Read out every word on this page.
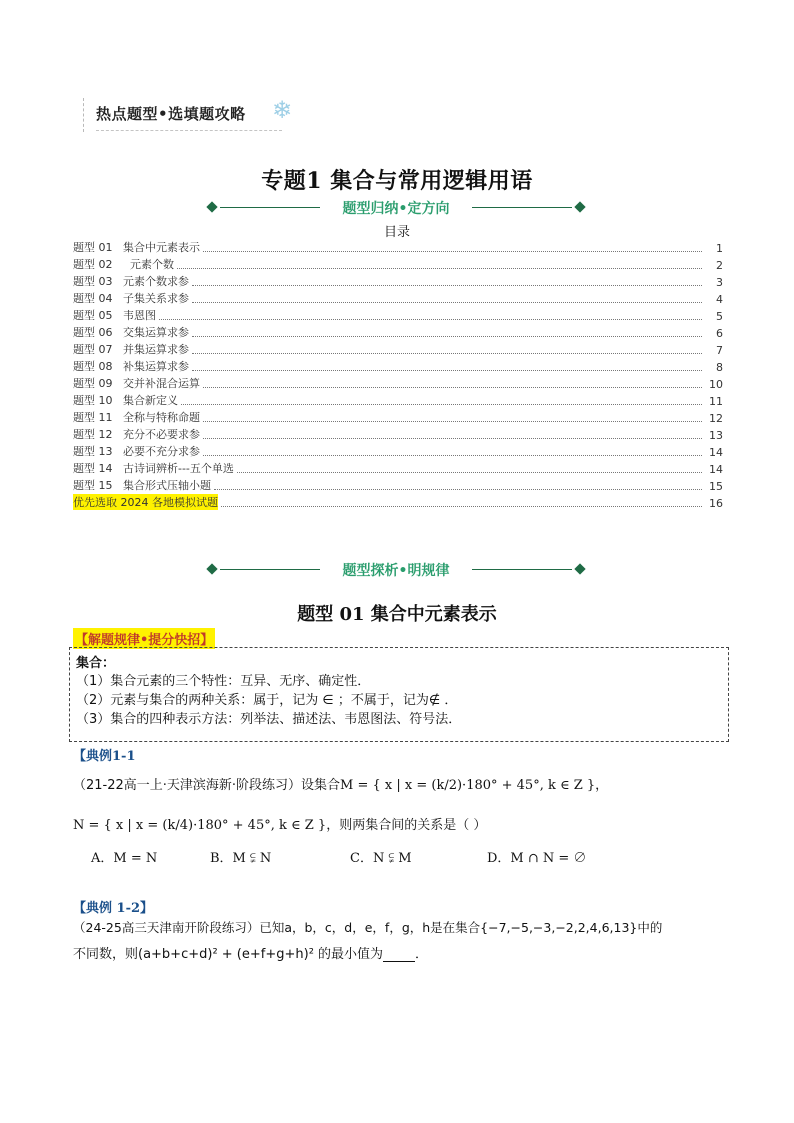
热点题型•选填题攻略 ❄
专题1 集合与常用逻辑用语
题型归纳•定方向
目录
题型 01   集合中元素表示	1
题型 02     元素个数	2
题型 03   元素个数求参	3
题型 04   子集关系求参	4
题型 05   韦恩图	5
题型 06   交集运算求参	6
题型 07   并集运算求参	7
题型 08   补集运算求参	8
题型 09   交并补混合运算	10
题型 10   集合新定义	11
题型 11   全称与特称命题	12
题型 12   充分不必要求参	13
题型 13   必要不充分求参	14
题型 14   古诗词辨析---五个单选	14
题型 15   集合形式压轴小题	15
优先选取 2024 各地模拟试题	16
题型探析•明规律
题型 01 集合中元素表示
【解题规律•提分快招】
集合：
（1）集合元素的三个特性：互异、无序、确定性．
（2）元素与集合的两种关系：属于，记为 ∈ ；不属于，记为∉ ．
（3）集合的四种表示方法：列举法、描述法、韦恩图法、符号法．
【典例1-1
（21-22高一上·天津滨海新·阶段练习）设集合M = { x | x = (k/2)·180° + 45°, k ∈ Z }，
N = { x | x = (k/4)·180° + 45°, k ∈ Z }，则两集合间的关系是（ ）
A．M = N	B．M ⫋ N	C．N ⫋ M	D．M ∩ N = ∅
【典例 1-2】
（24-25高三天津南开阶段练习）已知a，b，c，d，e，f，g，h是在集合{−7,−5,−3,−2,2,4,6,13}中的
不同数，则(a+b+c+d)² + (e+f+g+h)² 的最小值为 ．
